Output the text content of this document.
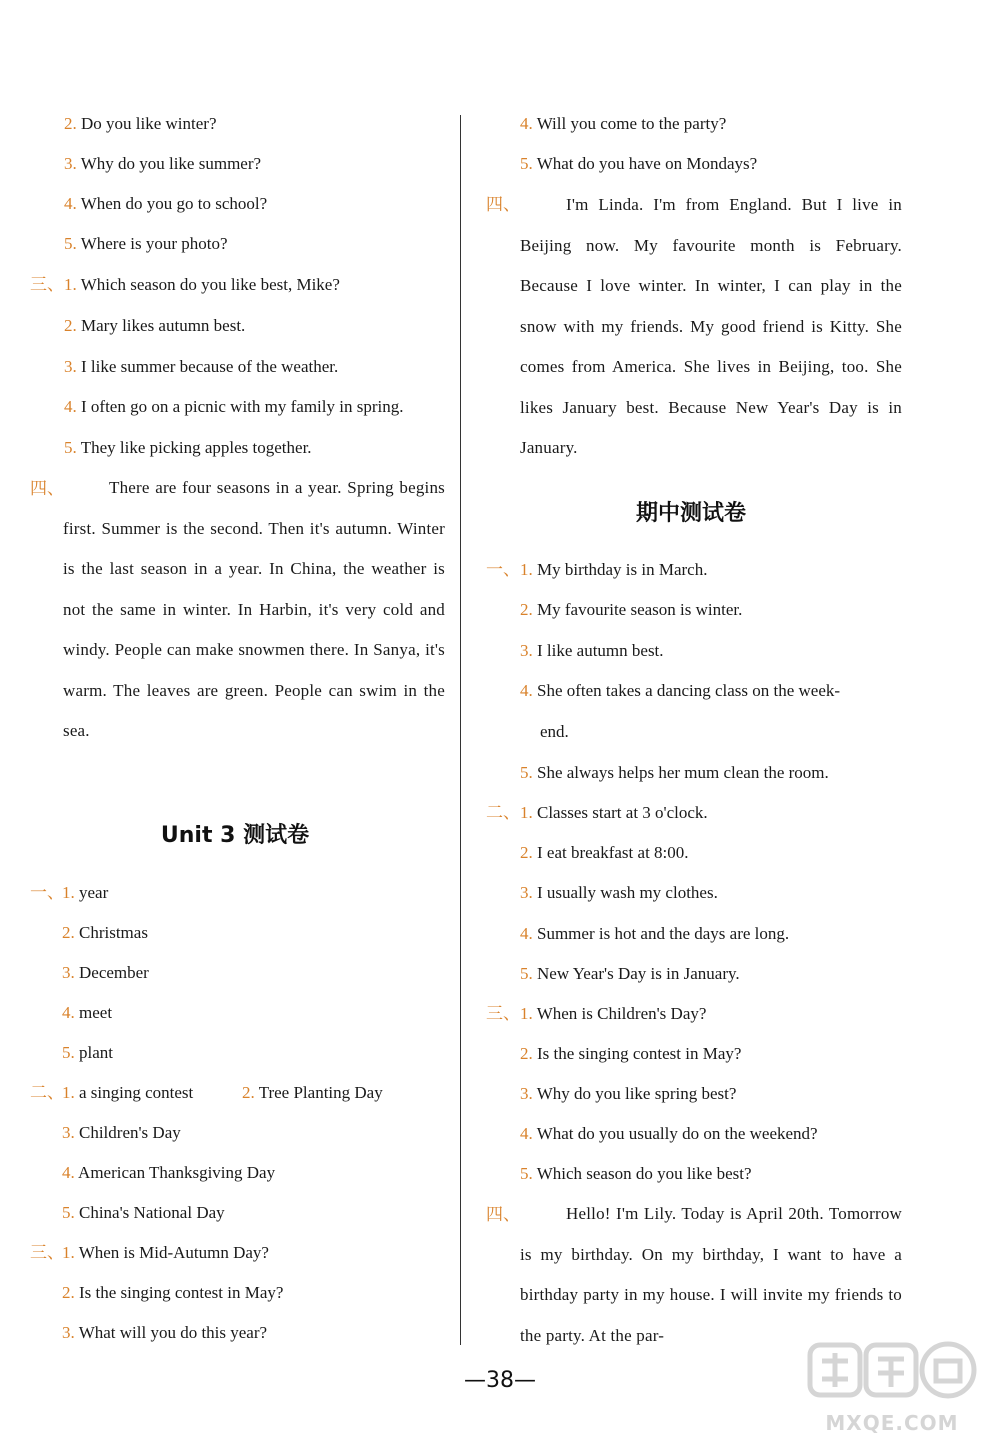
2. Do you like winter?
3. Why do you like summer?
4. When do you go to school?
5. Where is your photo?
三、 1. Which season do you like best, Mike?
2. Mary likes autumn best.
3. I like summer because of the weather.
4. I often go on a picnic with my family in spring.
5. They like picking apples together.
四、	There are four seasons in a year. Spring begins first. Summer is the second. Then it's autumn. Winter is the last season in a year. In China, the weather is not the same in winter. In Harbin, it's very cold and windy. People can make snowmen there. In Sanya, it's warm. The leaves are green. People can swim in the sea.
Unit 3 测试卷
一、
1. year
2. Christmas
3. December
4. meet
5. plant
二、
1. a singing contest	2. Tree Planting Day
3. Children's Day
4. American Thanksgiving Day
5. China's National Day
三、
1. When is Mid-Autumn Day?
2. Is the singing contest in May?
3. What will you do this year?
4. Will you come to the party?
5. What do you have on Mondays?
四、	I'm Linda. I'm from England. But I live in Beijing now. My favourite month is February. Because I love winter. In winter, I can play in the snow with my friends. My good friend is Kitty. She comes from America. She lives in Beijing, too. She likes January best. Because New Year's Day is in January.
期中测试卷
一、 1. My birthday is in March.
2. My favourite season is winter.
3. I like autumn best.
4. She often takes a dancing class on the week-
end.
5. She always helps her mum clean the room.
二、 1. Classes start at 3 o'clock.
2. I eat breakfast at 8:00.
3. I usually wash my clothes.
4. Summer is hot and the days are long.
5. New Year's Day is in January.
三、 1. When is Children's Day?
2. Is the singing contest in May?
3. Why do you like spring best?
4. What do you usually do on the weekend?
5. Which season do you like best?
四、	Hello! I'm Lily. Today is April 20th. Tomorrow is my birthday. On my birthday, I want to have a birthday party in my house. I will invite my friends to the party. At the par-
—38—
MXQE.COM
